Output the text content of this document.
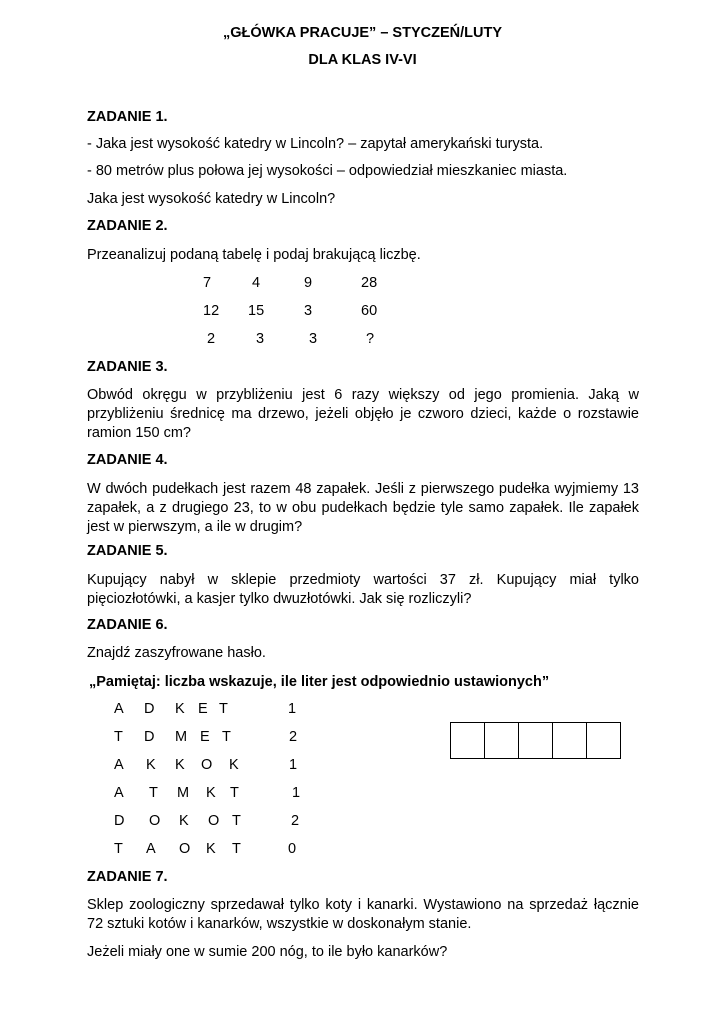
„GŁÓWKA PRACUJE” – STYCZEŃ/LUTY
DLA KLAS IV-VI
ZADANIE 1.
- Jaka jest wysokość katedry w Lincoln? – zapytał amerykański turysta.
- 80 metrów plus połowa jej wysokości – odpowiedział mieszkaniec miasta.
Jaka jest wysokość katedry w Lincoln?
ZADANIE 2.
Przeanalizuj podaną tabelę i podaj brakującą liczbę.
7	4	9	28
12 15	3	60
2	3	3	?
ZADANIE 3.
Obwód okręgu w przybliżeniu jest 6 razy większy od jego promienia. Jaką w przybliżeniu średnicę ma drzewo, jeżeli objęło je czworo dzieci, każde o rozstawie ramion 150 cm?
ZADANIE 4.
W dwóch pudełkach jest razem 48 zapałek. Jeśli z pierwszego pudełka wyjmiemy 13 zapałek, a z drugiego 23, to w obu pudełkach będzie tyle samo zapałek. Ile zapałek jest w pierwszym, a ile w drugim?
ZADANIE 5.
Kupujący nabył w sklepie przedmioty wartości 37 zł. Kupujący miał tylko pięciozłotówki, a kasjer tylko dwuzłotówki. Jak się rozliczyli?
ZADANIE 6.
Znajdź zaszyfrowane hasło.
„Pamiętaj: liczba wskazuje, ile liter jest odpowiednio ustawionych”
A D K E T	1
T D M E T	2
A K K O K	1
A T M K T	1
D O K O T	2
T A O K T	0
ZADANIE 7.
Sklep zoologiczny sprzedawał tylko koty i kanarki. Wystawiono na sprzedaż łącznie 72 sztuki kotów i kanarków, wszystkie w doskonałym stanie.
Jeżeli miały one w sumie 200 nóg, to ile było kanarków?
